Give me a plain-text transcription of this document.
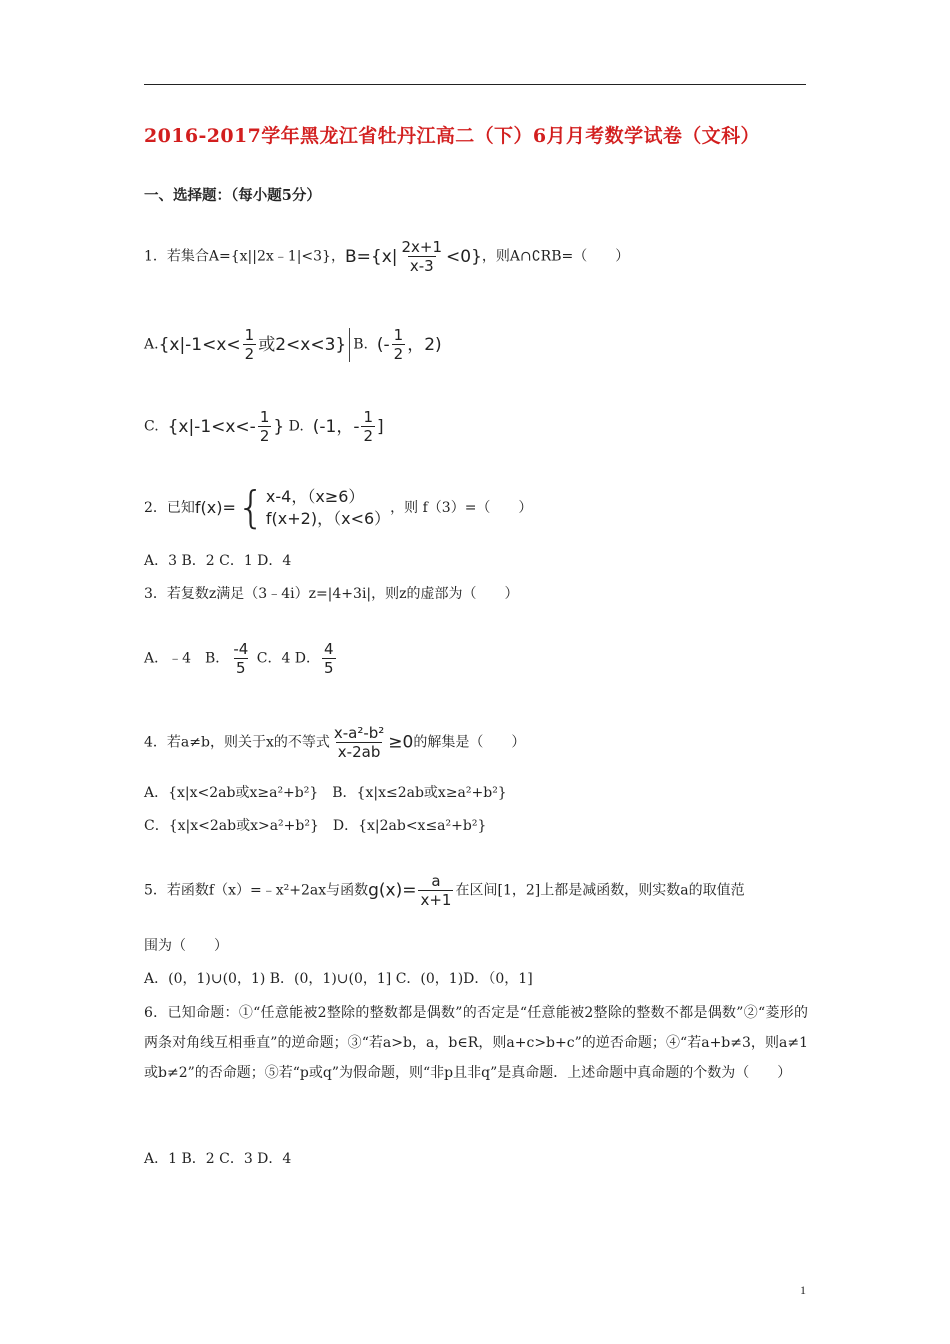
2016-2017学年黑龙江省牡丹江高二（下）6月月考数学试卷（文科）
一、选择题：（每小题5分）
1．若集合A={x||2x﹣1|<3}，$B=\{x| \frac{2x+1}{x-3} <0\}$，则A∩∁RB=（　　）
$A.\{x|-1<x< \frac{1}{2}$ 或2<x<3} B. (- $\frac{1}{2}$ ，2)
C. {$x|-1<x<- \frac{1}{2}$ } D. (-1，- $\frac{1}{2}$ ]
2．已知 f(x)= { x-4，（x≥6）
f(x+2)，（x<6）
，则 f（3）=（　　）
A．3 B．2 C．1 D．4
3．若复数z满足（3﹣4i）z=|4+3i|，则z的虚部为（　　）
A．﹣4　B． $\frac{-4}{5}$ C．4 D． $\frac{4}{5}$
4．若a≠b，则关于x的不等式 $\frac{\text{x-a²-b²}}{x-2ab} \ge 0$的解集是（　　）
A．{x|x<2ab或x≥a²+b²}　B．{x|x≤2ab或x≥a²+b²}
C．{x|x<2ab或x>a²+b²}　D．{x|2ab<x≤a²+b²}
5．若函数f（x）=﹣x²+2ax与函数$g(x)= \frac{a}{x+1}$ 在区间[1，2]上都是减函数，则实数a的取值范
围为（　　）
A．(0，1)∪(0，1) B．(0，1)∪(0，1] C．(0，1)D．（0，1]
6．已知命题：①“任意能被2整除的整数都是偶数”的否定是“任意能被2整除的整数不都是偶数”②“菱形的两条对角线互相垂直”的逆命题；③“若a>b，a，b∈R，则a+c>b+c”的逆否命题；④“若a+b≠3，则a≠1或b≠2”的否命题；⑤若“p或q”为假命题，则“非p且非q”是真命题．上述命题中真命题的个数为（　　）
A．1 B．2 C．3 D．4
1
